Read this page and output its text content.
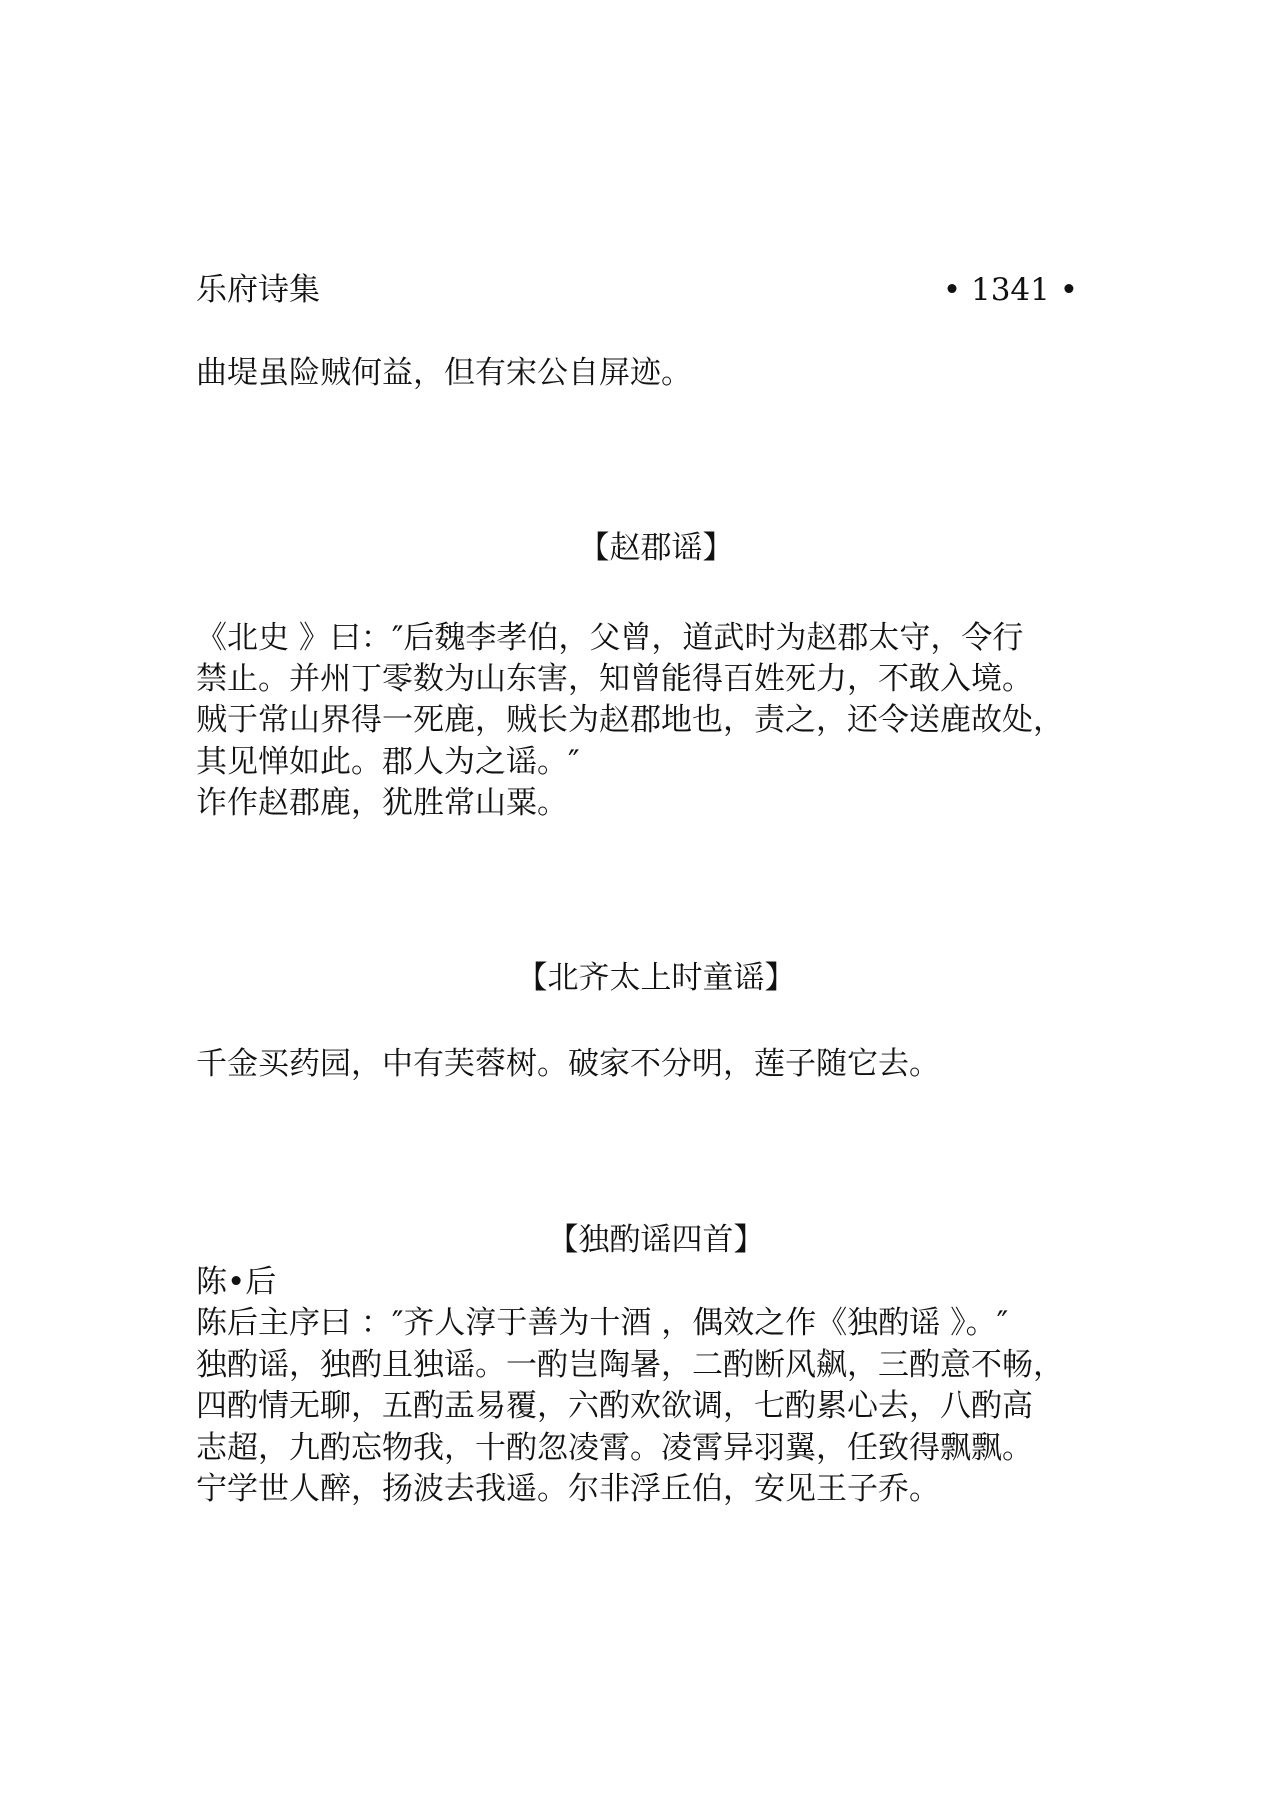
乐府诗集	• 1341 •
曲堤虽险贼何益，但有宋公自屏迹。
【赵郡谣】
《北史 》曰：″后魏李孝伯，父曾，道武时为赵郡太守，令行
禁止。并州丁零数为山东害，知曾能得百姓死力，不敢入境。
贼于常山界得一死鹿，贼长为赵郡地也，责之，还令送鹿故处，
其见惮如此。郡人为之谣。″
诈作赵郡鹿，犹胜常山粟。
【北齐太上时童谣】
千金买药园，中有芙蓉树。破家不分明，莲子随它去。
【独酌谣四首】
陈•后
陈后主序曰 ：″齐人淳于善为十酒 ，偶效之作《独酌谣 》。″
独酌谣，独酌且独谣。一酌岂陶暑，二酌断风飙，三酌意不畅，
四酌情无聊，五酌盂易覆，六酌欢欲调，七酌累心去，八酌高
志超，九酌忘物我，十酌忽凌霄。凌霄异羽翼，任致得飘飘。
宁学世人醉，扬波去我遥。尔非浮丘伯，安见王子乔。
